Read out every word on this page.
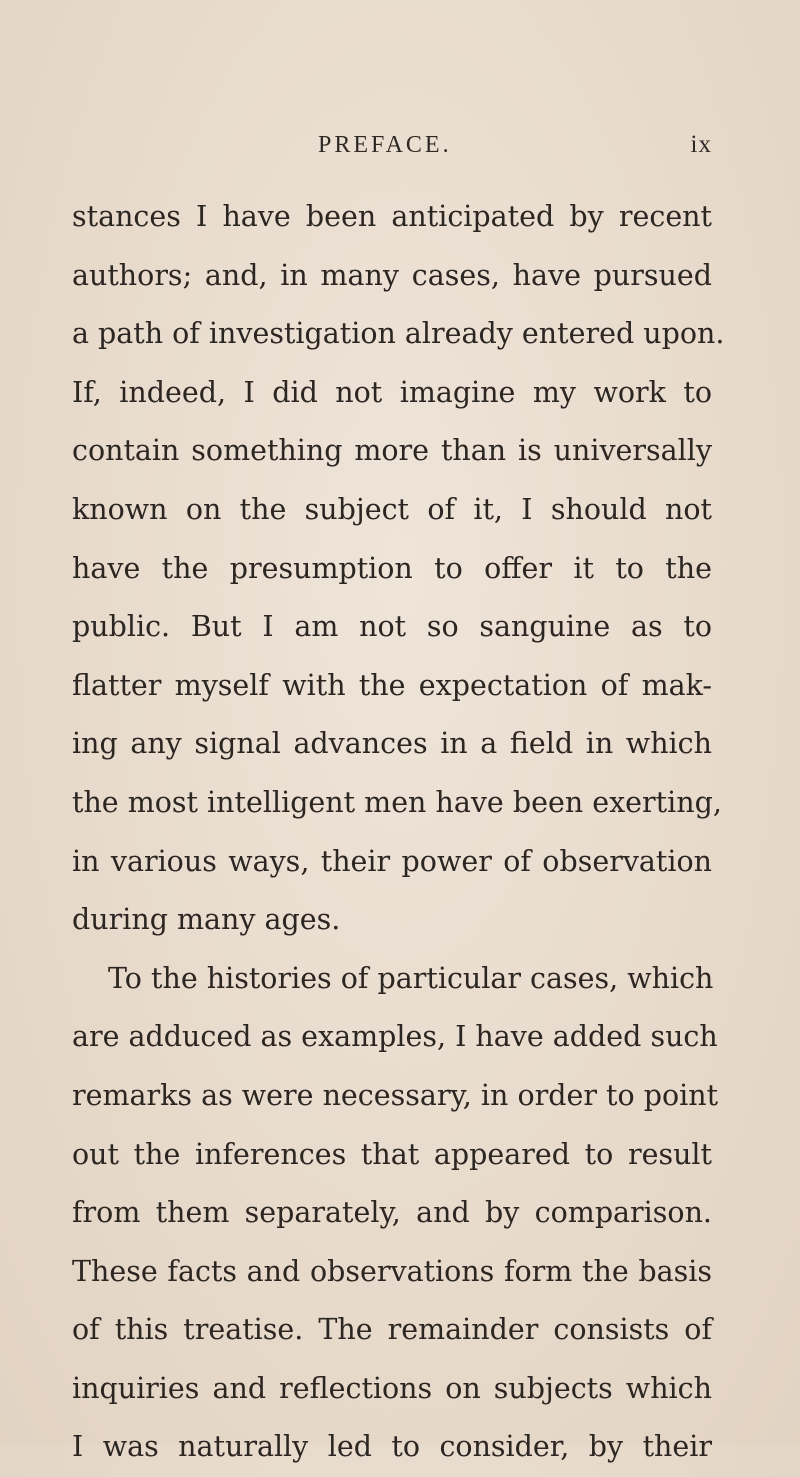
PREFACE.	ix
stances I have been anticipated by recent
authors; and, in many cases, have pursued
a path of investigation already entered upon.
If, indeed, I did not imagine my work to
contain something more than is universally
known on the subject of it, I should not
have the presumption to offer it to the
public. But I am not so sanguine as to
flatter myself with the expectation of mak-
ing any signal advances in a field in which
the most intelligent men have been exerting,
in various ways, their power of observation
during many ages.
To the histories of particular cases, which
are adduced as examples, I have added such
remarks as were necessary, in order to point
out the inferences that appeared to result
from them separately, and by comparison.
These facts and observations form the basis
of this treatise. The remainder consists of
inquiries and reflections on subjects which
I was naturally led to consider, by their
